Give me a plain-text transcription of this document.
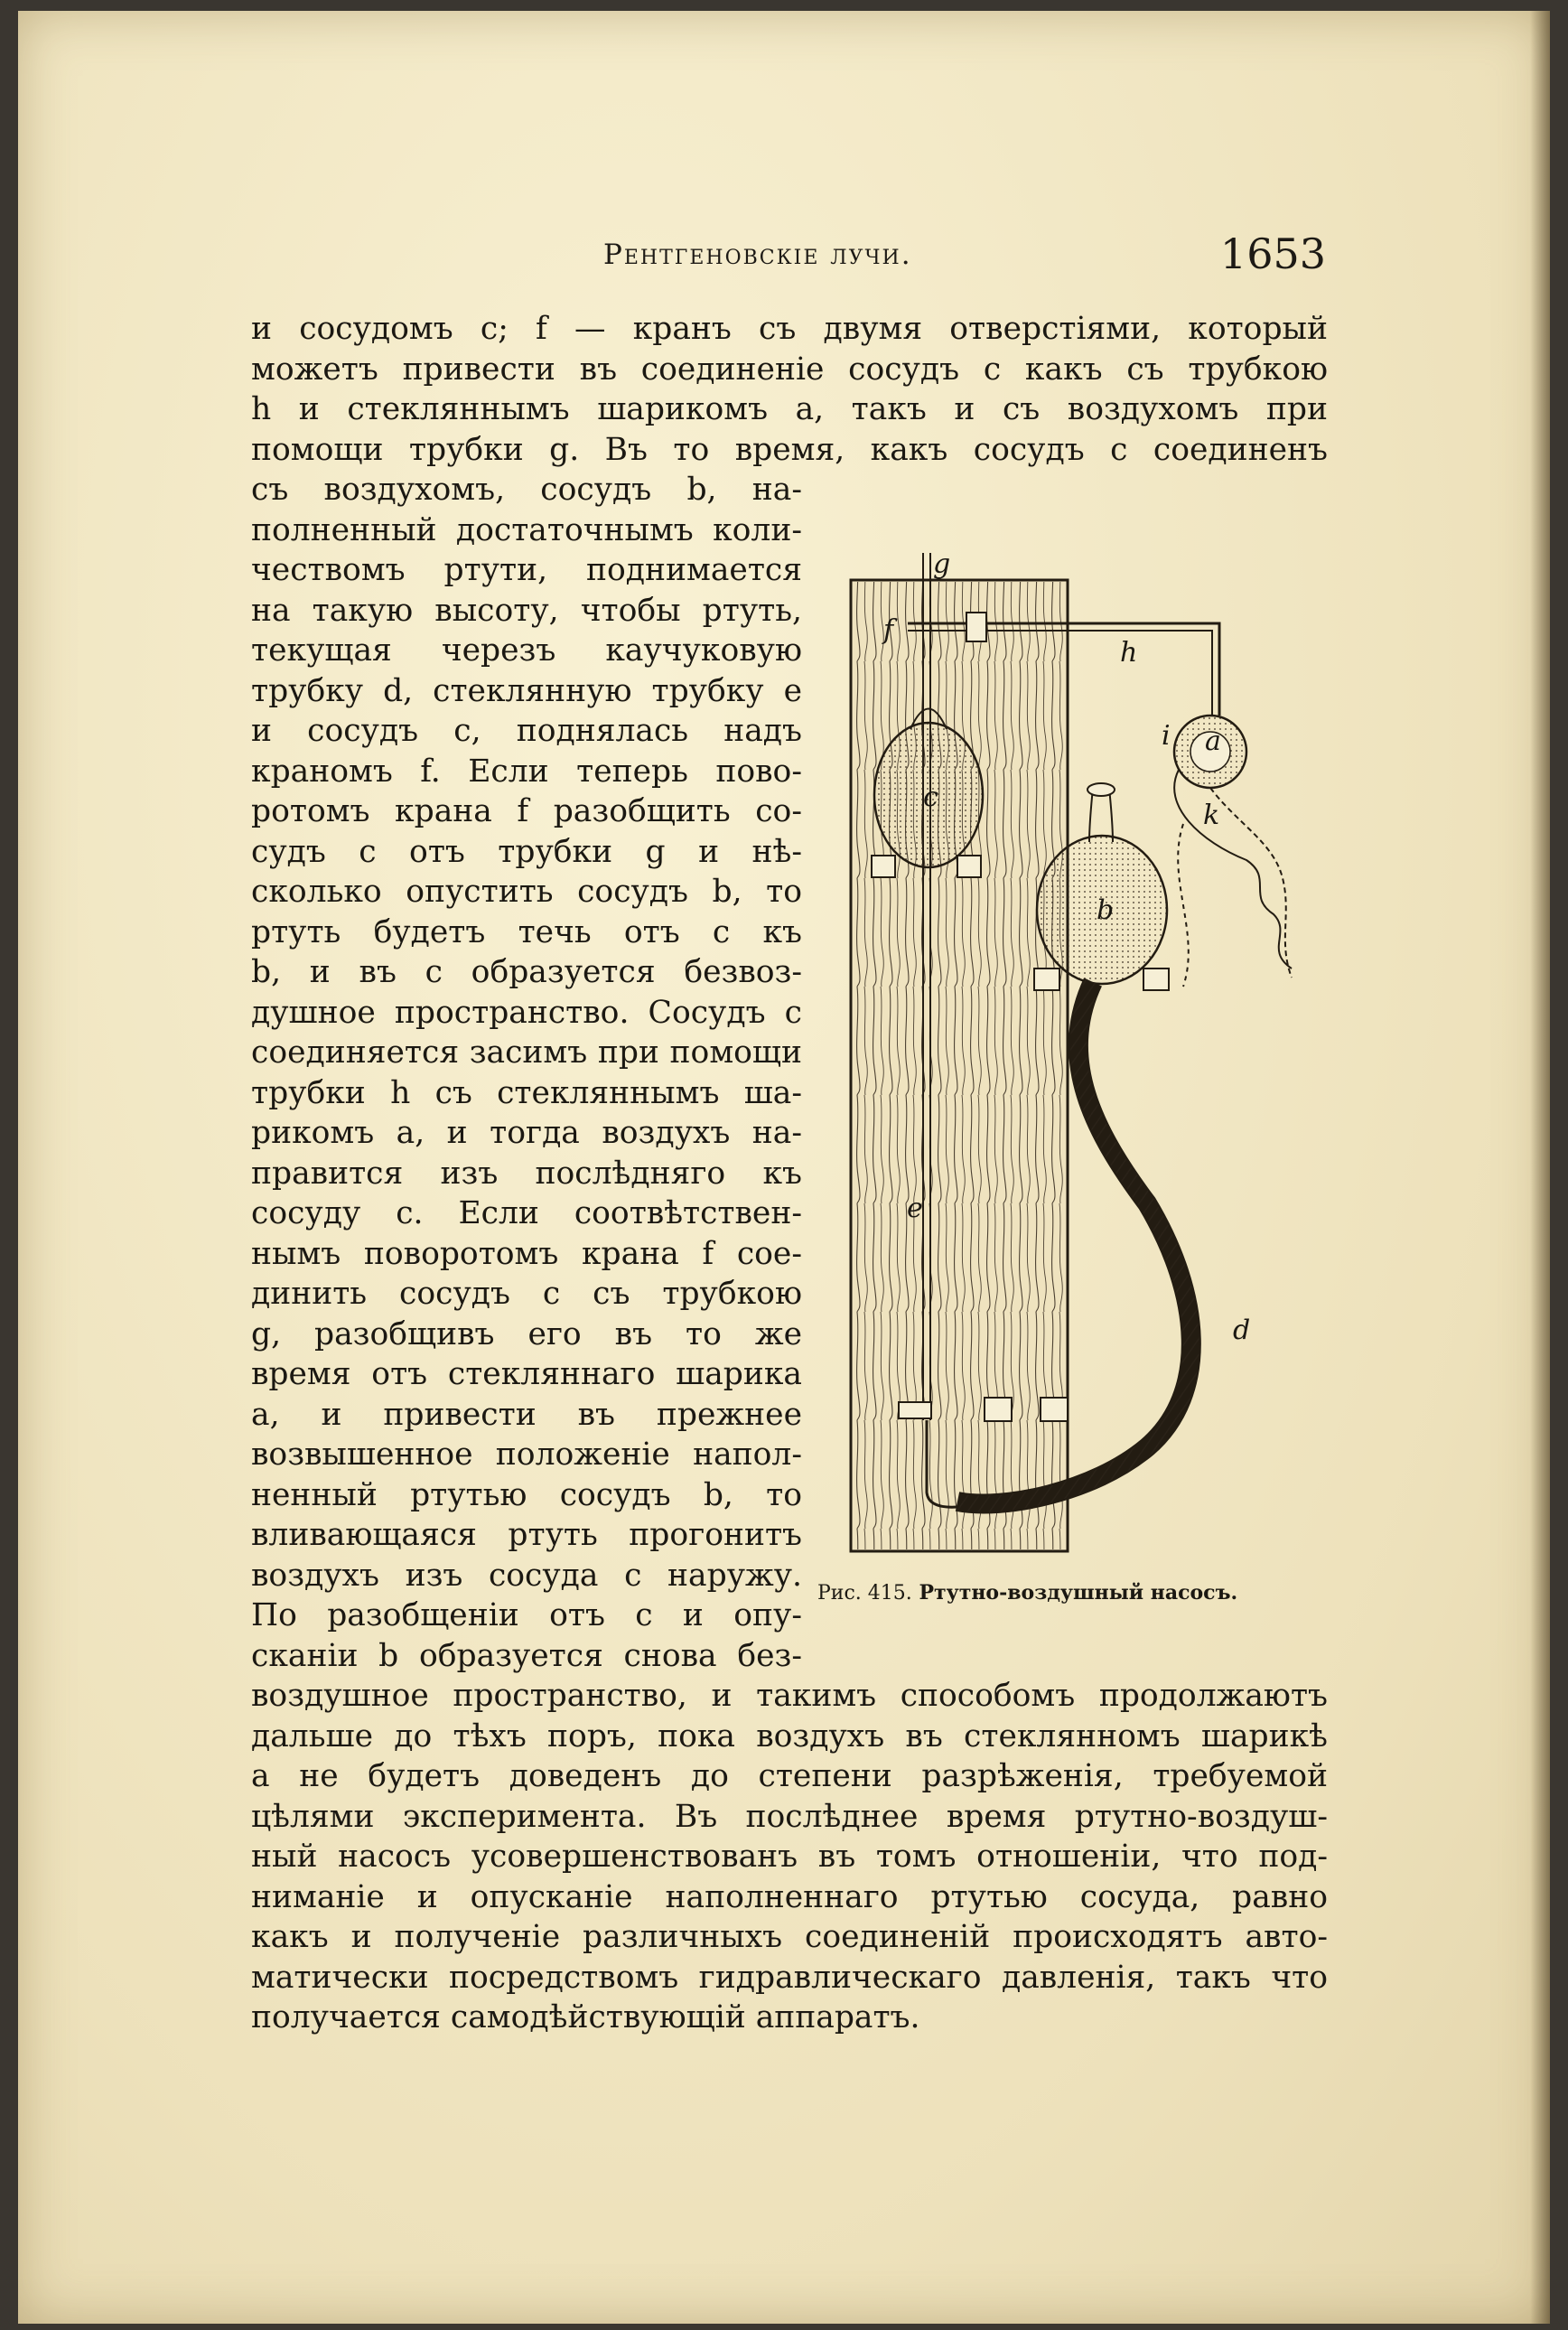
Рентгеновскіе лучи.	1653
и сосудомъ c; f — кранъ съ двумя отверстіями, который
можетъ привести въ соединеніе сосудъ c какъ съ трубкою
h и стекляннымъ шарикомъ a, такъ и съ воздухомъ при
помощи трубки g. Въ то время, какъ сосудъ c соединенъ
съ воздухомъ, сосудъ b, на-
полненный достаточнымъ коли-
чествомъ ртути, поднимается
на такую высоту, чтобы ртуть,
текущая черезъ каучуковую
трубку d, стеклянную трубку e
и сосудъ c, поднялась надъ
краномъ f. Если теперь пово-
ротомъ крана f разобщить со-
судъ c отъ трубки g и нѣ-
сколько опустить сосудъ b, то
ртуть будетъ течь отъ c къ
b, и въ c образуется безвоз-
душное пространство. Сосудъ c
соединяется засимъ при помощи
трубки h съ стекляннымъ ша-
рикомъ a, и тогда воздухъ на-
правится изъ послѣдняго къ
сосуду c. Если соотвѣтствен-
нымъ поворотомъ крана f сое-
динить сосудъ c съ трубкою
g, разобщивъ его въ то же
время отъ стекляннаго шарика
a, и привести въ прежнее
возвышенное положеніе напол-
ненный ртутью сосудъ b, то
вливающаяся ртуть прогонитъ
воздухъ изъ сосуда c наружу.
По разобщеніи отъ c и опу-
сканіи b образуется снова без-
воздушное пространство, и такимъ способомъ продолжаютъ
дальше до тѣхъ поръ, пока воздухъ въ стеклянномъ шарикѣ
a не будетъ доведенъ до степени разрѣженія, требуемой
цѣлями эксперимента. Въ послѣднее время ртутно-воздуш-
ный насосъ усовершенствованъ въ томъ отношеніи, что под-
ниманіе и опусканіе наполненнаго ртутью сосуда, равно
какъ и полученіе различныхъ соединеній происходятъ авто-
матически посредствомъ гидравлическаго давленія, такъ что
получается самодѣйствующій аппаратъ.
g
f
h
i a
k
c
b
e
d
Рис. 415. Ртутно-воздушный насосъ.
